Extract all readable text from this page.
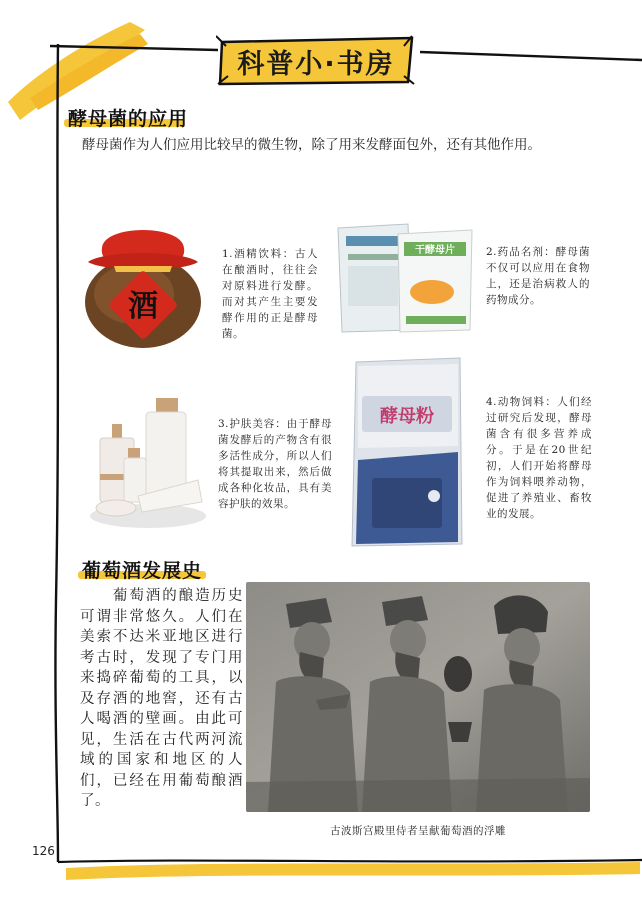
科普小·书房
酵母菌的应用
酵母菌作为人们应用比较早的微生物，除了用来发酵面包外，还有其他作用。
酒
1.酒精饮料：古人在酿酒时，往往会对原料进行发酵。而对其产生主要发酵作用的正是酵母菌。
干酵母片	2.药品名剂：酵母菌不仅可以应用在食物上，还是治病救人的药物成分。
3.护肤美容：由于酵母菌发酵后的产物含有很多活性成分，所以人们将其提取出来，然后做成各种化妆品，具有美容护肤的效果。
酵母粉
4.动物饲料：人们经过研究后发现，酵母菌含有很多营养成分。于是在20世纪初，人们开始将酵母作为饲料喂养动物，促进了养殖业、畜牧业的发展。
葡萄酒发展史
　　葡萄酒的酿造历史可谓非常悠久。人们在美索不达米亚地区进行考古时，发现了专门用来捣碎葡萄的工具，以及存酒的地窖，还有古人喝酒的壁画。由此可见，生活在古代两河流域的国家和地区的人们，已经在用葡萄酿酒了。
古波斯宫殿里侍者呈献葡萄酒的浮雕
126
